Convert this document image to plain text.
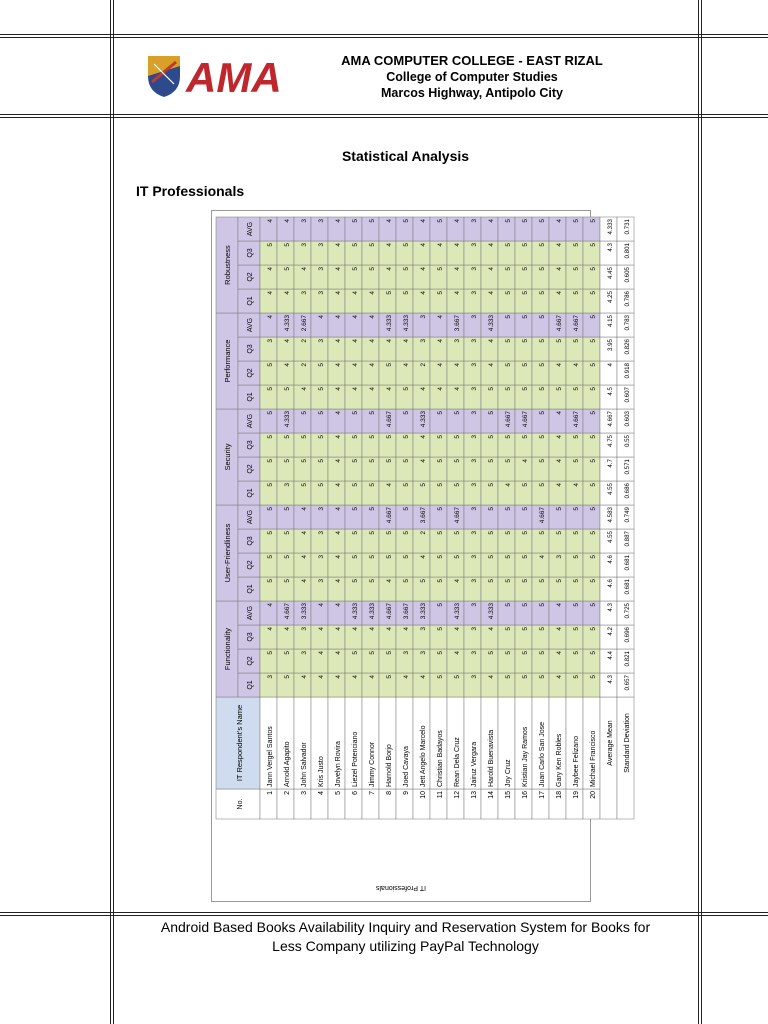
AMA	AMA COMPUTER COLLEGE - EAST RIZAL
College of Computer Studies
Marcos Highway, Antipolo City
Statistical Analysis
IT Professionals
No.
IT Respondent's Name
Functionality
Q1
Q2
Q3
AVG
User-Friendliness
Q1
Q2
Q3
AVG
Security
Q1
Q2
Q3
AVG
Performance
Q1
Q2
Q3
AVG
Robustness
Q1
Q2
Q3
AVG
1
Jann Vergel Santos
3
5
4
4
5
5
5
5
5
5
5
5
5
5
3
4
4
4
5
4
2
Arnold Agapito
5
5
4
4.667
5
5
5
5
3
5
5
4.333
5
4
4
4.333
4
5
5
4
3
John Salvador
4
3
3
3.333
4
4
4
4
5
5
5
5
4
2
2
2.667
3
4
3
3
4
Kris Justo
4
4
4
4
3
3
3
3
5
5
5
5
5
5
3
4
3
3
3
3
5
Jovelyn Rovira
4
4
4
4
4
4
4
4
4
4
4
4
4
4
4
4
4
4
4
4
6
Liezel Potenciano
4
5
4
4.333
5
5
5
5
5
5
5
5
4
4
4
4
4
5
5
5
7
Jimmy Connor
4
5
4
4.333
5
5
5
5
5
5
5
5
4
4
4
4
4
5
5
5
8
Harnold Borjo
5
5
4
4.667
4
5
5
4.667
4
5
5
4.667
4
5
4
4.333
5
4
4
4
9
Joed Cavaya
4
3
4
3.667
5
5
5
5
5
5
5
5
5
4
4
4.333
5
5
5
5
10
Jett Angelo Marcelo
4
3
3
3.333
5
4
2
3.667
5
4
4
4.333
4
2
3
3
4
4
4
4
11
Christian Badayos
5
5
5
5
5
5
5
5
5
5
5
5
4
4
4
4
5
5
4
5
12
Rean Dela Cruz
5
4
4
4.333
4
5
5
4.667
5
5
5
5
4
4
3
3.667
4
4
4
4
13
Jairuz Vergara
3
3
3
3
3
3
3
3
3
3
3
3
3
3
3
3
3
3
3
3
14
Harold Buenavista
4
5
4
4.333
5
5
5
5
5
5
5
5
5
4
4
4.333
4
4
4
4
15
Joy Cruz
5
5
5
5
5
5
5
5
4
5
5
4.667
5
5
5
5
5
5
5
5
16
Kristian Jay Ramos
5
5
5
5
5
5
5
5
5
4
5
4.667
5
5
5
5
5
5
5
5
17
Juan Carlo San Jose
5
5
5
5
5
4
5
4.667
5
5
5
5
5
5
5
5
5
5
5
5
18
Gary Ken Robles
4
4
4
4
5
3
5
5
4
4
4
4
5
4
5
4.667
4
4
4
4
19
Jaybee Felizano
5
5
5
5
5
5
5
5
4
5
5
4.667
5
4
5
4.667
5
5
5
5
20
Michael Francisco
5
5
5
5
5
5
5
5
5
5
5
5
5
5
5
5
5
5
5
5
Average Mean
4.3
4.4
4.2
4.3
4.6
4.6
4.55
4.583
4.55
4.7
4.75
4.667
4.5
4
3.95
4.15
4.25
4.45
4.3
4.333
Standard Deviation
0.657
0.821
0.696
0.725
0.681
0.681
0.887
0.749
0.686
0.571
0.55
0.603
0.607
0.918
0.826
0.783
0.786
0.605
0.801
0.731
IT Professionals
Android Based Books Availability Inquiry and Reservation System for Books for
Less Company utilizing PayPal Technology
